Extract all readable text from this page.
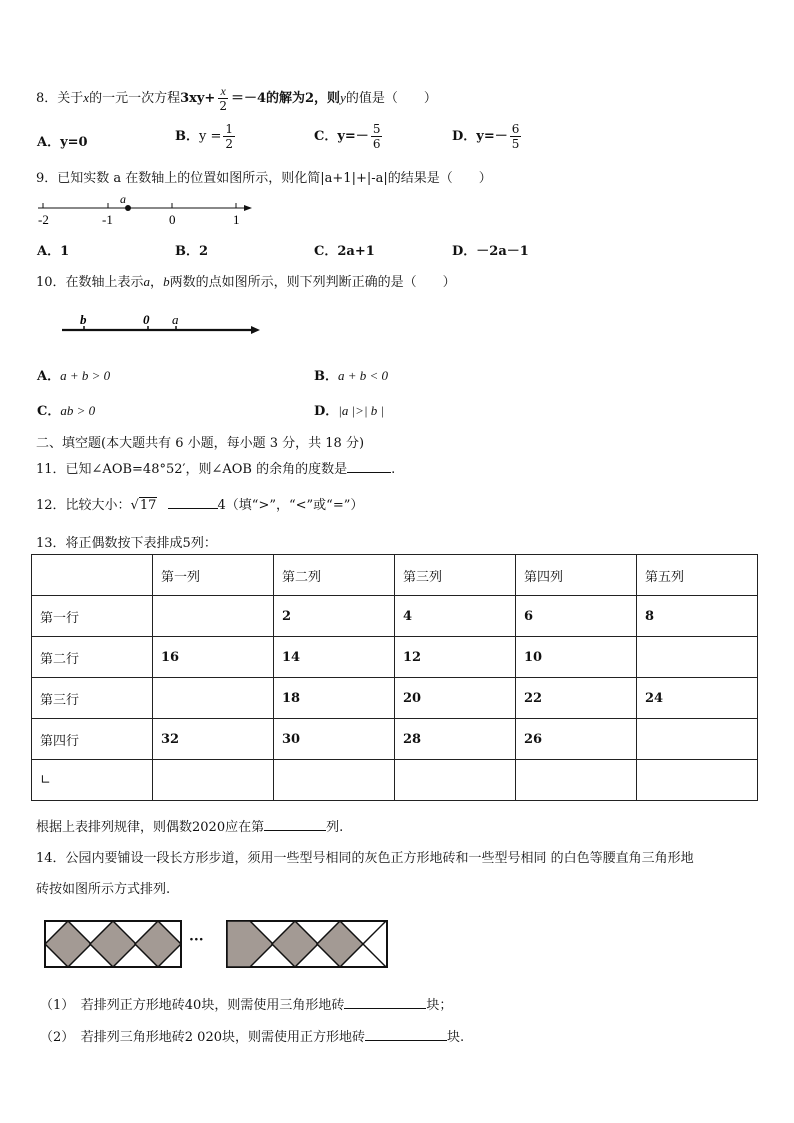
8．关于x的一元一次方程$3xy+ \frac{x}{2} =-4$的解为2，则y的值是（　　）
A．y=0	B．$y = \frac{1}{2}$	C．$y=- \frac{5}{6}$	D．$y=- \frac{6}{5}$
9．已知实数 a 在数轴上的位置如图所示，则化简|a+1|+|-a|的结果是（　　）
a
-2	-1	0	1
A．1	B．2	C．2a+1	D．－2a－1
10．在数轴上表示a，b两数的点如图所示，则下列判断正确的是（　　）
b	0 a
A．a + b > 0	B．a + b < 0
C．ab > 0	D．|a |>| b |
二、填空题(本大题共有 6 小题，每小题 3 分，共 18 分)
11．已知∠AOB=48°52′，则∠AOB 的余角的度数是	.
12．比较大小：√17	4（填“>”，“<”或“=”）
13．将正偶数按下表排成5列：
	第一列	第二列	第三列	第四列	第五列
第一行		2	4	6	8
第二行	16	14	12	10	
第三行		18	20	22	24
第四行	32	30	28	26	
∟					
根据上表排列规律，则偶数2020应在第	列.
14．公园内要铺设一段长方形步道，须用一些型号相同的灰色正方形地砖和一些型号相同 的白色等腰直角三角形地
砖按如图所示方式排列.
···
（1）　若排列正方形地砖40块，则需使用三角形地砖	块；
（2）　若排列三角形地砖2 020块，则需使用正方形地砖	块.
